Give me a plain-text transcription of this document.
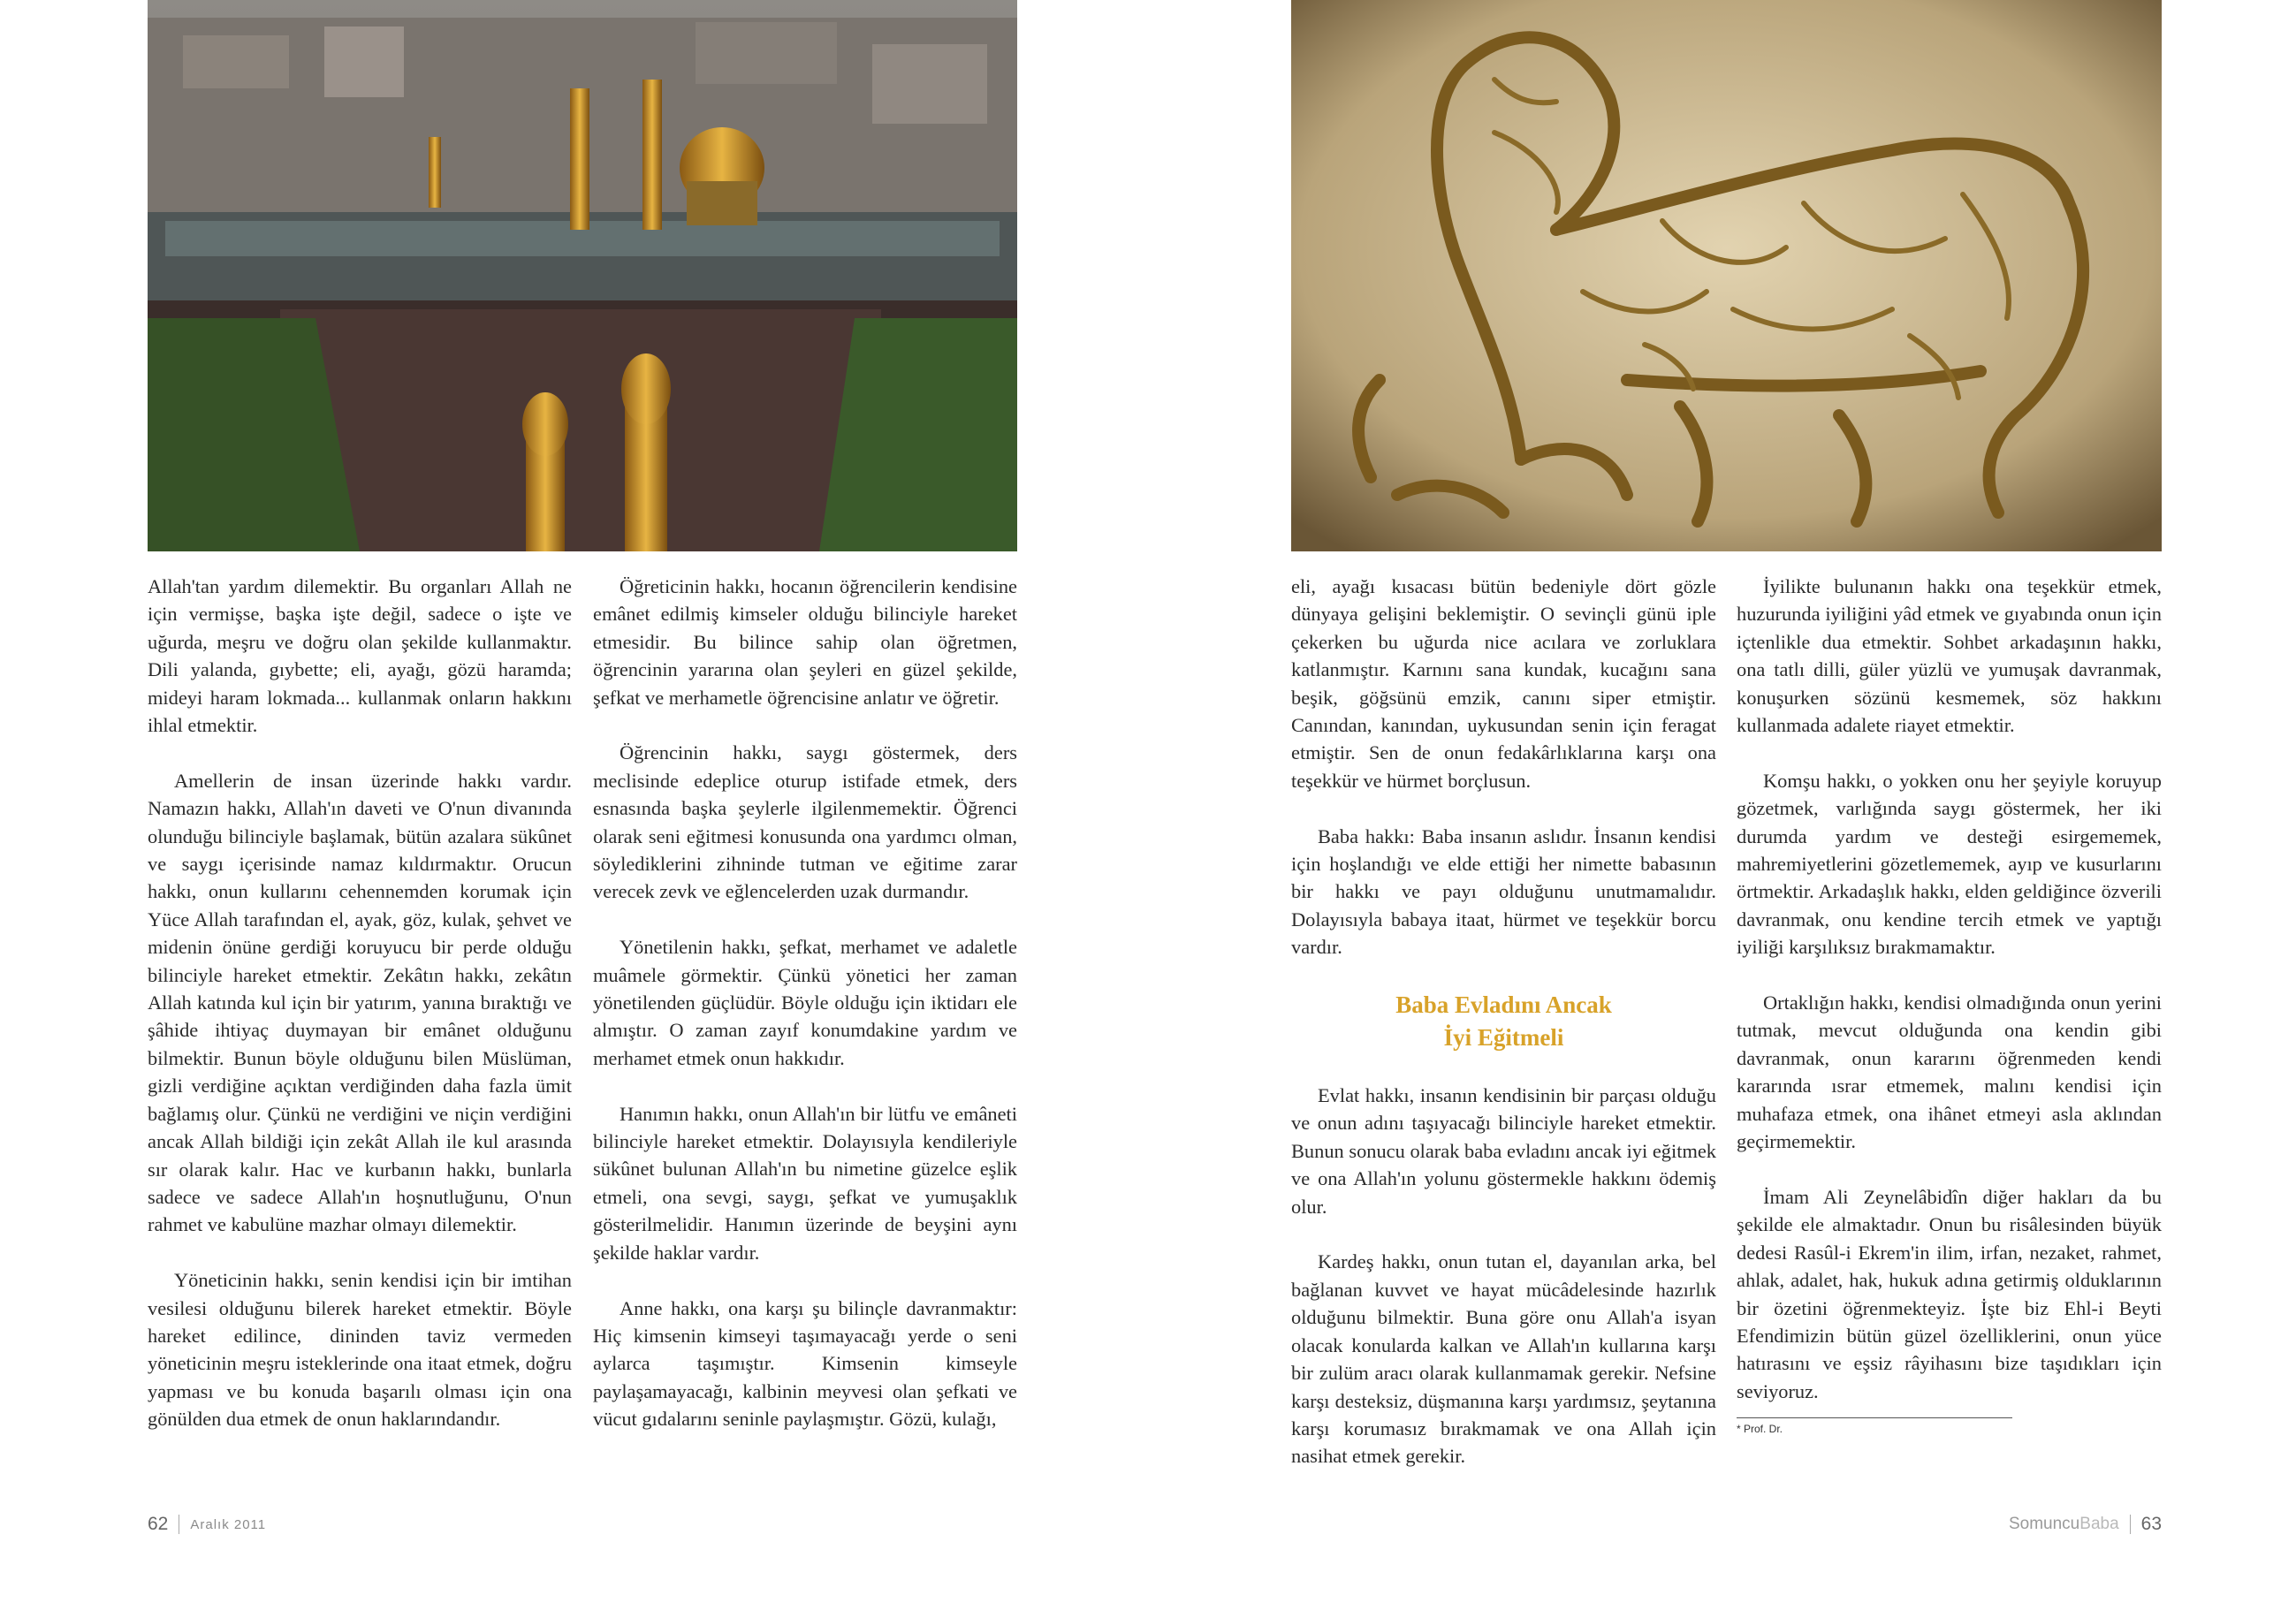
Allah'tan yardım dilemektir. Bu organları Allah ne için vermişse, başka işte değil, sadece o işte ve uğurda, meşru ve doğru olan şekilde kullanmaktır. Dili yalanda, gıybette; eli, ayağı, gözü haramda; mideyi haram lokmada... kullanmak onların hakkını ihlal etmektir.

Amellerin de insan üzerinde hakkı vardır. Namazın hakkı, Allah'ın daveti ve O'nun divanında olunduğu bilinciyle başlamak, bütün azalara sükûnet ve saygı içerisinde namaz kıldırmaktır. Orucun hakkı, onun kullarını cehennemden korumak için Yüce Allah tarafından el, ayak, göz, kulak, şehvet ve midenin önüne gerdiği koruyucu bir perde olduğu bilinciyle hareket etmektir. Zekâtın hakkı, zekâtın Allah katında kul için bir yatırım, yanına bıraktığı ve şâhide ihtiyaç duymayan bir emânet olduğunu bilmektir. Bunun böyle olduğunu bilen Müslüman, gizli verdiğine açıktan verdiğinden daha fazla ümit bağlamış olur. Çünkü ne verdiğini ve niçin verdiğini ancak Allah bildiği için zekât Allah ile kul arasında sır olarak kalır. Hac ve kurbanın hakkı, bunlarla sadece ve sadece Allah'ın hoşnutluğunu, O'nun rahmet ve kabulüne mazhar olmayı dilemektir.

Yöneticinin hakkı, senin kendisi için bir imtihan vesilesi olduğunu bilerek hareket etmektir. Böyle hareket edilince, dininden taviz vermeden yöneticinin meşru isteklerinde ona itaat etmek, doğru yapması ve bu konuda başarılı olması için ona gönülden dua etmek de onun haklarındandır.

Öğreticinin hakkı, hocanın öğrencilerin kendisine emânet edilmiş kimseler olduğu bilinciyle hareket etmesidir. Bu bilince sahip olan öğretmen, öğrencinin yararına olan şeyleri en güzel şekilde, şefkat ve merhametle öğrencisine anlatır ve öğretir.

Öğrencinin hakkı, saygı göstermek, ders meclisinde edeplice oturup istifade etmek, ders esnasında başka şeylerle ilgilenmemektir. Öğrenci olarak seni eğitmesi konusunda ona yardımcı olman, söylediklerini zihninde tutman ve eğitime zarar verecek zevk ve eğlencelerden uzak durmandır.

Yönetilenin hakkı, şefkat, merhamet ve adaletle muâmele görmektir. Çünkü yönetici her zaman yönetilenden güçlüdür. Böyle olduğu için iktidarı ele almıştır. O zaman zayıf konumdakine yardım ve merhamet etmek onun hakkıdır.

Hanımın hakkı, onun Allah'ın bir lütfu ve emâneti bilinciyle hareket etmektir. Dolayısıyla kendileriyle sükûnet bulunan Allah'ın bu nimetine güzelce eşlik etmeli, ona sevgi, saygı, şefkat ve yumuşaklık gösterilmelidir. Hanımın üzerinde de beyşini aynı şekilde haklar vardır.

Anne hakkı, ona karşı şu bilinçle davranmaktır: Hiç kimsenin kimseyi taşımayacağı yerde o seni aylarca taşımıştır. Kimsenin kimseyle paylaşamayacağı, kalbinin meyvesi olan şefkati ve vücut gıdalarını seninle paylaşmıştır. Gözü, kulağı,

eli, ayağı kısacası bütün bedeniyle dört gözle dünyaya gelişini beklemiştir. O sevinçli günü iple çekerken bu uğurda nice acılara ve zorluklara katlanmıştır. Karnını sana kundak, kucağını sana beşik, göğsünü emzik, canını siper etmiştir. Canından, kanından, uykusundan senin için feragat etmiştir. Sen de onun fedakârlıklarına karşı ona teşekkür ve hürmet borçlusun.

Baba hakkı: Baba insanın aslıdır. İnsanın kendisi için hoşlandığı ve elde ettiği her nimette babasının bir hakkı ve payı olduğunu unutmamalıdır. Dolayısıyla babaya itaat, hürmet ve teşekkür borcu vardır.

Baba Evladını Ancak
İyi Eğitmeli

Evlat hakkı, insanın kendisinin bir parçası olduğu ve onun adını taşıyacağı bilinciyle hareket etmektir. Bunun sonucu olarak baba evladını ancak iyi eğitmek ve ona Allah'ın yolunu göstermekle hakkını ödemiş olur.

Kardeş hakkı, onun tutan el, dayanılan arka, bel bağlanan kuvvet ve hayat mücâdelesinde hazırlık olduğunu bilmektir. Buna göre onu Allah'a isyan olacak konularda kalkan ve Allah'ın kullarına karşı bir zulüm aracı olarak kullanmamak gerekir. Nefsine karşı desteksiz, düşmanına karşı yardımsız, şeytanına karşı korumasız bırakmamak ve ona Allah için nasihat etmek gerekir.

İyilikte bulunanın hakkı ona teşekkür etmek, huzurunda iyiliğini yâd etmek ve gıyabında onun için içtenlikle dua etmektir. Sohbet arkadaşının hakkı, ona tatlı dilli, güler yüzlü ve yumuşak davranmak, konuşurken sözünü kesmemek, söz hakkını kullanmada adalete riayet etmektir.

Komşu hakkı, o yokken onu her şeyiyle koruyup gözetmek, varlığında saygı göstermek, her iki durumda yardım ve desteği esirgememek, mahremiyetlerini gözetlememek, ayıp ve kusurlarını örtmektir. Arkadaşlık hakkı, elden geldiğince özverili davranmak, onu kendine tercih etmek ve yaptığı iyiliği karşılıksız bırakmamaktır.

Ortaklığın hakkı, kendisi olmadığında onun yerini tutmak, mevcut olduğunda ona kendin gibi davranmak, onun kararını öğrenmeden kendi kararında ısrar etmemek, malını kendisi için muhafaza etmek, ona ihânet etmeyi asla aklından geçirmemektir.

İmam Ali Zeynelâbidîn diğer hakları da bu şekilde ele almaktadır. Onun bu risâlesinden büyük dedesi Rasûl-i Ekrem'in ilim, irfan, nezaket, rahmet, ahlak, adalet, hak, hukuk adına getirmiş olduklarının bir özetini öğrenmekteyiz. İşte biz Ehl-i Beyti Efendimizin bütün güzel özelliklerini, onun yüce hatırasını ve eşsiz râyihasını bize taşıdıkları için seviyoruz.

* Prof. Dr.
62 Aralık 2011	SomuncuBaba 63
